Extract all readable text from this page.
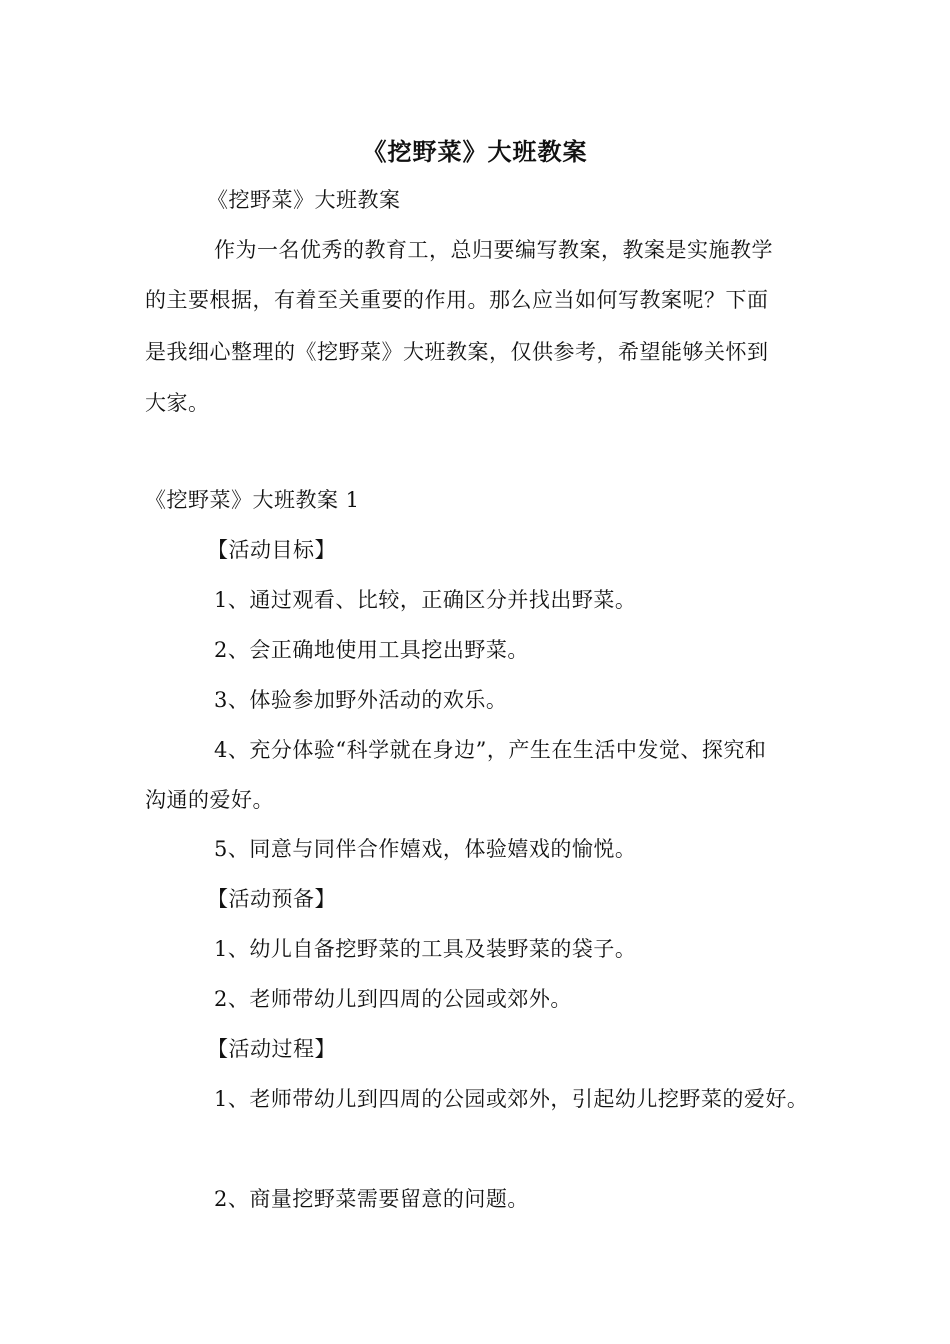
《挖野菜》大班教案
《挖野菜》大班教案
作为一名优秀的教育工，总归要编写教案，教案是实施教学
的主要根据，有着至关重要的作用。那么应当如何写教案呢？下面
是我细心整理的《挖野菜》大班教案，仅供参考，希望能够关怀到
大家。
《挖野菜》大班教案 1
【活动目标】
1、通过观看、比较，正确区分并找出野菜。
2、会正确地使用工具挖出野菜。
3、体验参加野外活动的欢乐。
4、充分体验“科学就在身边”，产生在生活中发觉、探究和
沟通的爱好。
5、同意与同伴合作嬉戏，体验嬉戏的愉悦。
【活动预备】
1、幼儿自备挖野菜的工具及装野菜的袋子。
2、老师带幼儿到四周的公园或郊外。
【活动过程】
1、老师带幼儿到四周的公园或郊外，引起幼儿挖野菜的爱好。
2、商量挖野菜需要留意的问题。
